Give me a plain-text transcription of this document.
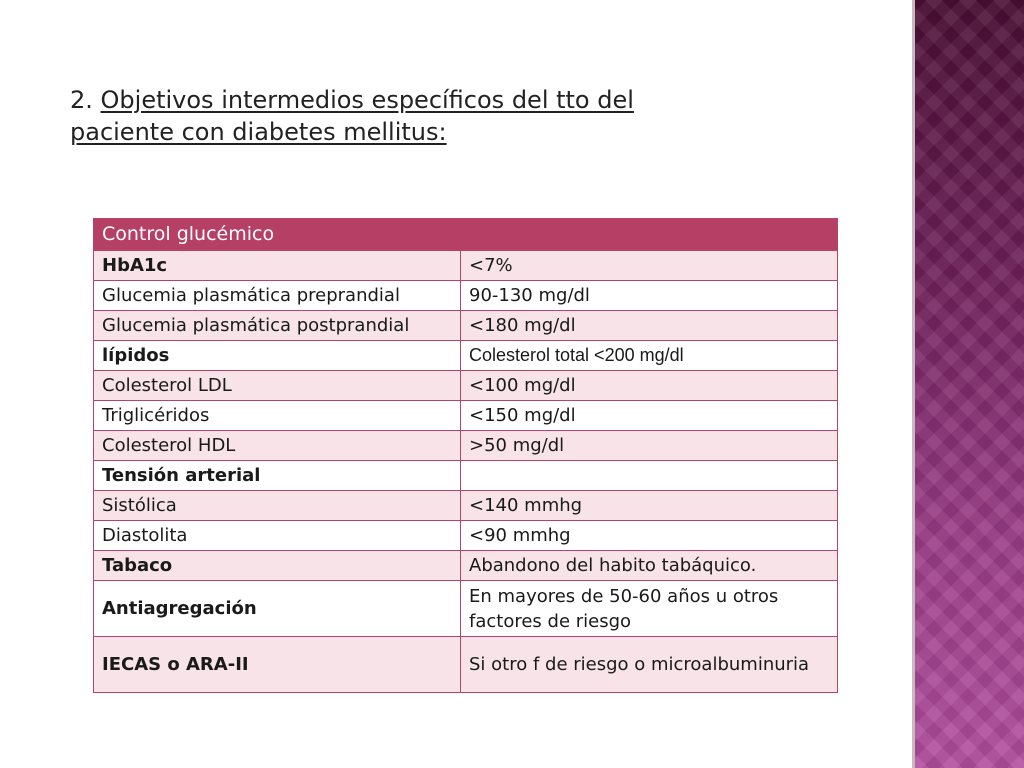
2. Objetivos intermedios específicos del tto del paciente con diabetes mellitus:
Control glucémico	
HbA1c	<7%
Glucemia plasmática preprandial	90-130 mg/dl
Glucemia plasmática postprandial	<180 mg/dl
lípidos	Colesterol total <200 mg/dl
Colesterol LDL	<100 mg/dl
Triglicéridos	<150 mg/dl
Colesterol HDL	>50 mg/dl
Tensión arterial	
Sistólica	<140 mmhg
Diastolita	<90 mmhg
Tabaco	Abandono del habito tabáquico.
Antiagregación	En mayores de 50-60 años u otros factores de riesgo
IECAS o ARA-II	Si otro f de riesgo o microalbuminuria
